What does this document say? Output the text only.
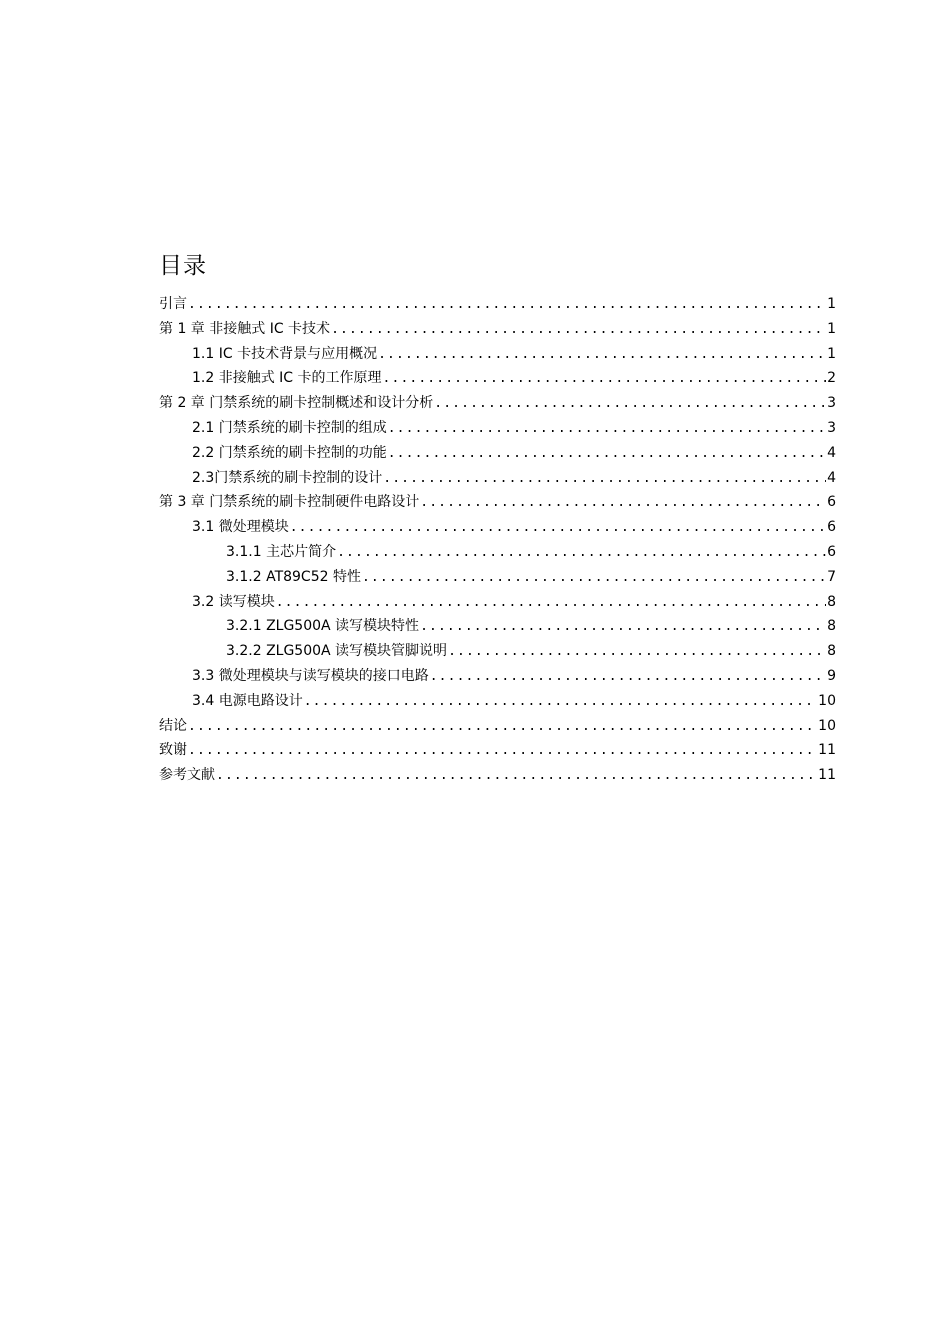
目录
引言 . . .	1
第 1 章 非接触式 IC 卡技术 . . .	1
1.1 IC 卡技术背景与应用概况 . . .	1
1.2 非接触式 IC 卡的工作原理 . . .	2
第 2 章 门禁系统的刷卡控制概述和设计分析 . . .	3
2.1 门禁系统的刷卡控制的组成 . . .	3
2.2 门禁系统的刷卡控制的功能 . . .	4
2.3门禁系统的刷卡控制的设计 . . .	4
第 3 章 门禁系统的刷卡控制硬件电路设计 . . .	6
3.1 微处理模块 . . .	6
3.1.1 主芯片简介 . . .	6
3.1.2 AT89C52 特性 . . .	7
3.2 读写模块 . . .	8
3.2.1 ZLG500A 读写模块特性 . . .	8
3.2.2 ZLG500A 读写模块管脚说明 . . .	8
3.3 微处理模块与读写模块的接口电路 . . .	9
3.4 电源电路设计 . . .	10
结论 . . .	10
致谢 . . .	11
参考文献 . . .	11
